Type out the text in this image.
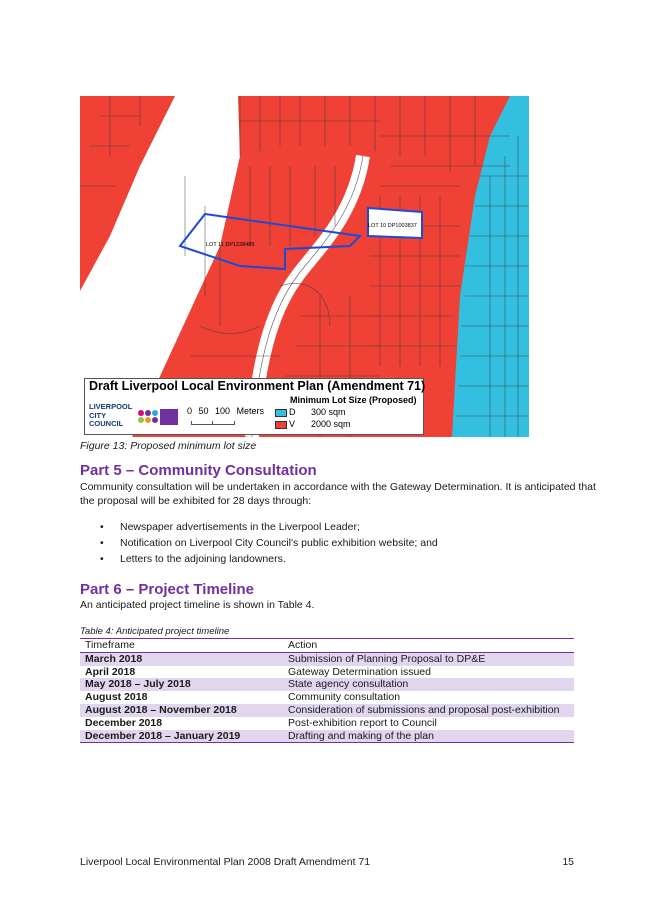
LOT 11 DP1228485
LOT 10 DP1003837
Draft Liverpool Local Environment Plan (Amendment 71)
Minimum Lot Size (Proposed)
LIVERPOOL CITY COUNCIL
0 50 100 Meters	D 300 sqm
V 2000 sqm
Figure 13: Proposed minimum lot size
Part 5 – Community Consultation
Community consultation will be undertaken in accordance with the Gateway Determination. It is anticipated that the proposal will be exhibited for 28 days through:
• Newspaper advertisements in the Liverpool Leader;
• Notification on Liverpool City Council's public exhibition website; and
• Letters to the adjoining landowners.
Part 6 – Project Timeline
An anticipated project timeline is shown in Table 4.
Table 4: Anticipated project timeline
Timeframe	Action
March 2018	Submission of Planning Proposal to DP&E
April 2018	Gateway Determination issued
May 2018 – July 2018	State agency consultation
August 2018	Community consultation
August 2018 – November 2018	Consideration of submissions and proposal post-exhibition
December 2018	Post-exhibition report to Council
December 2018 – January 2019	Drafting and making of the plan
Liverpool Local Environmental Plan 2008 Draft Amendment 71	15
